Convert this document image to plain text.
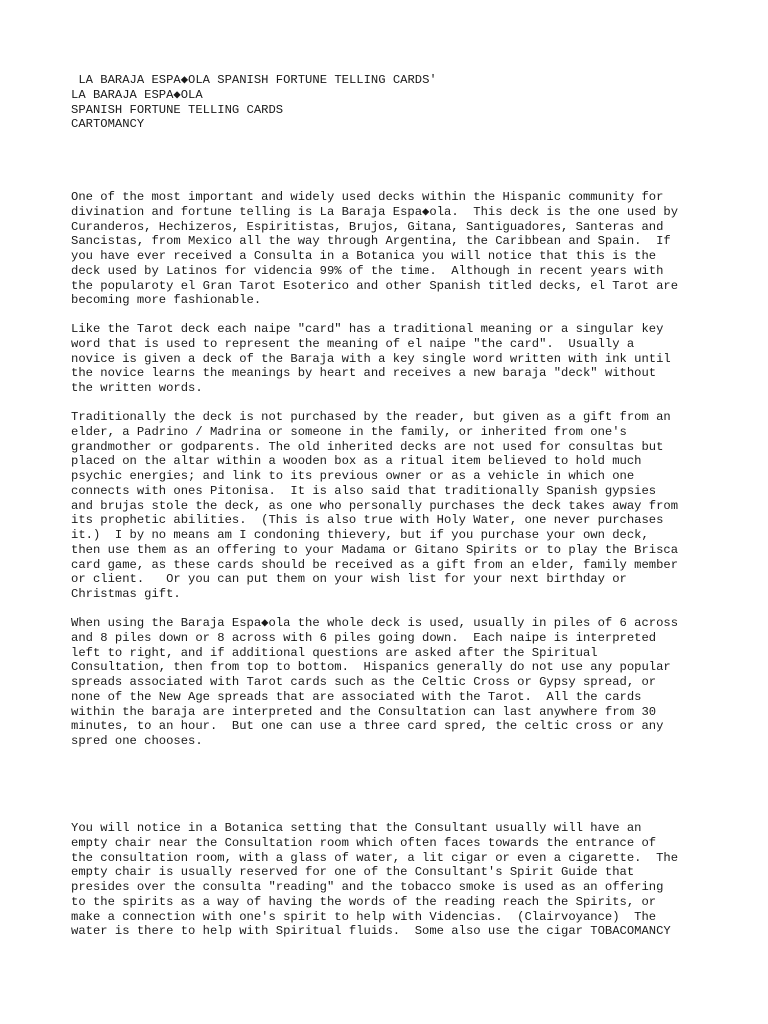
LA BARAJA ESPA◆OLA SPANISH FORTUNE TELLING CARDS'
LA BARAJA ESPA◆OLA
SPANISH FORTUNE TELLING CARDS
CARTOMANCY
One of the most important and widely used decks within the Hispanic community for
divination and fortune telling is La Baraja Espa◆ola.  This deck is the one used by
Curanderos, Hechizeros, Espiritistas, Brujos, Gitana, Santiguadores, Santeras and
Sancistas, from Mexico all the way through Argentina, the Caribbean and Spain.  If
you have ever received a Consulta in a Botanica you will notice that this is the
deck used by Latinos for videncia 99% of the time.  Although in recent years with
the popularoty el Gran Tarot Esoterico and other Spanish titled decks, el Tarot are
becoming more fashionable.
Like the Tarot deck each naipe "card" has a traditional meaning or a singular key
word that is used to represent the meaning of el naipe "the card".  Usually a
novice is given a deck of the Baraja with a key single word written with ink until
the novice learns the meanings by heart and receives a new baraja "deck" without
the written words.
Traditionally the deck is not purchased by the reader, but given as a gift from an
elder, a Padrino / Madrina or someone in the family, or inherited from one's
grandmother or godparents. The old inherited decks are not used for consultas but
placed on the altar within a wooden box as a ritual item believed to hold much
psychic energies; and link to its previous owner or as a vehicle in which one
connects with ones Pitonisa.  It is also said that traditionally Spanish gypsies
and brujas stole the deck, as one who personally purchases the deck takes away from
its prophetic abilities.  (This is also true with Holy Water, one never purchases
it.)  I by no means am I condoning thievery, but if you purchase your own deck,
then use them as an offering to your Madama or Gitano Spirits or to play the Brisca
card game, as these cards should be received as a gift from an elder, family member
or client.   Or you can put them on your wish list for your next birthday or
Christmas gift.
When using the Baraja Espa◆ola the whole deck is used, usually in piles of 6 across
and 8 piles down or 8 across with 6 piles going down.  Each naipe is interpreted
left to right, and if additional questions are asked after the Spiritual
Consultation, then from top to bottom.  Hispanics generally do not use any popular
spreads associated with Tarot cards such as the Celtic Cross or Gypsy spread, or
none of the New Age spreads that are associated with the Tarot.  All the cards
within the baraja are interpreted and the Consultation can last anywhere from 30
minutes, to an hour.  But one can use a three card spred, the celtic cross or any
spred one chooses.
You will notice in a Botanica setting that the Consultant usually will have an
empty chair near the Consultation room which often faces towards the entrance of
the consultation room, with a glass of water, a lit cigar or even a cigarette.  The
empty chair is usually reserved for one of the Consultant's Spirit Guide that
presides over the consulta "reading" and the tobacco smoke is used as an offering
to the spirits as a way of having the words of the reading reach the Spirits, or
make a connection with one's spirit to help with Videncias.  (Clairvoyance)  The
water is there to help with Spiritual fluids.  Some also use the cigar TOBACOMANCY
